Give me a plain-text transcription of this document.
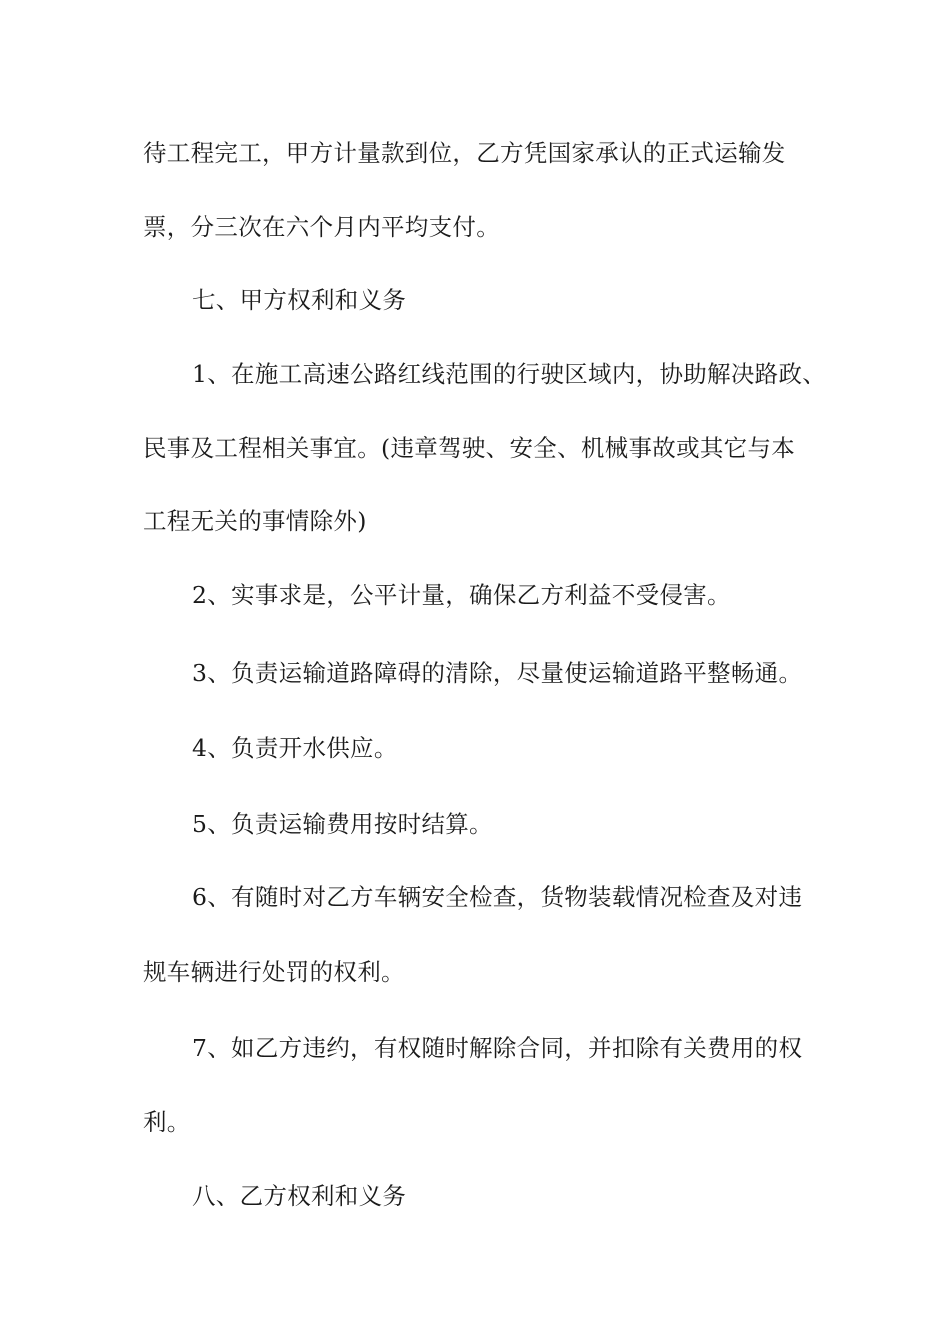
待工程完工，甲方计量款到位，乙方凭国家承认的正式运输发
票，分三次在六个月内平均支付。
七、甲方权利和义务
1、在施工高速公路红线范围的行驶区域内，协助解决路政、
民事及工程相关事宜。(违章驾驶、安全、机械事故或其它与本
工程无关的事情除外)
2、实事求是，公平计量，确保乙方利益不受侵害。
3、负责运输道路障碍的清除，尽量使运输道路平整畅通。
4、负责开水供应。
5、负责运输费用按时结算。
6、有随时对乙方车辆安全检查，货物装载情况检查及对违
规车辆进行处罚的权利。
7、如乙方违约，有权随时解除合同，并扣除有关费用的权
利。
八、乙方权利和义务
